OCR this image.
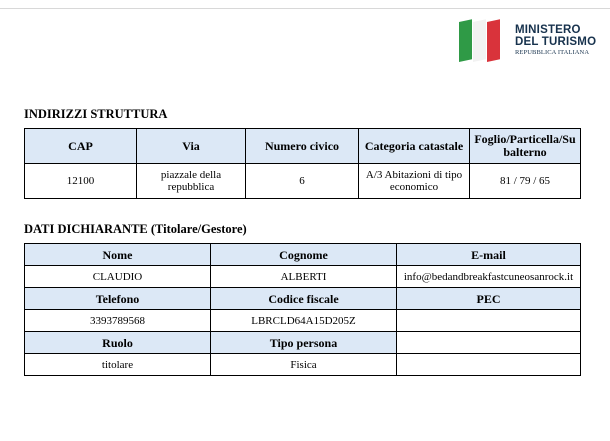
MINISTERO
DEL TURISMO
REPUBBLICA ITALIANA
INDIRIZZI STRUTTURA
CAP	Via	Numero civico	Categoria catastale	Foglio/Particella/Subalterno
12100	piazzale della repubblica	6	A/3 Abitazioni di tipo economico	81 / 79 / 65
DATI DICHIARANTE (Titolare/Gestore)
Nome	Cognome	E-mail
CLAUDIO	ALBERTI	info@bedandbreakfastcuneosanrock.it
Telefono	Codice fiscale	PEC
3393789568	LBRCLD64A15D205Z	
Ruolo	Tipo persona	
titolare	Fisica	
